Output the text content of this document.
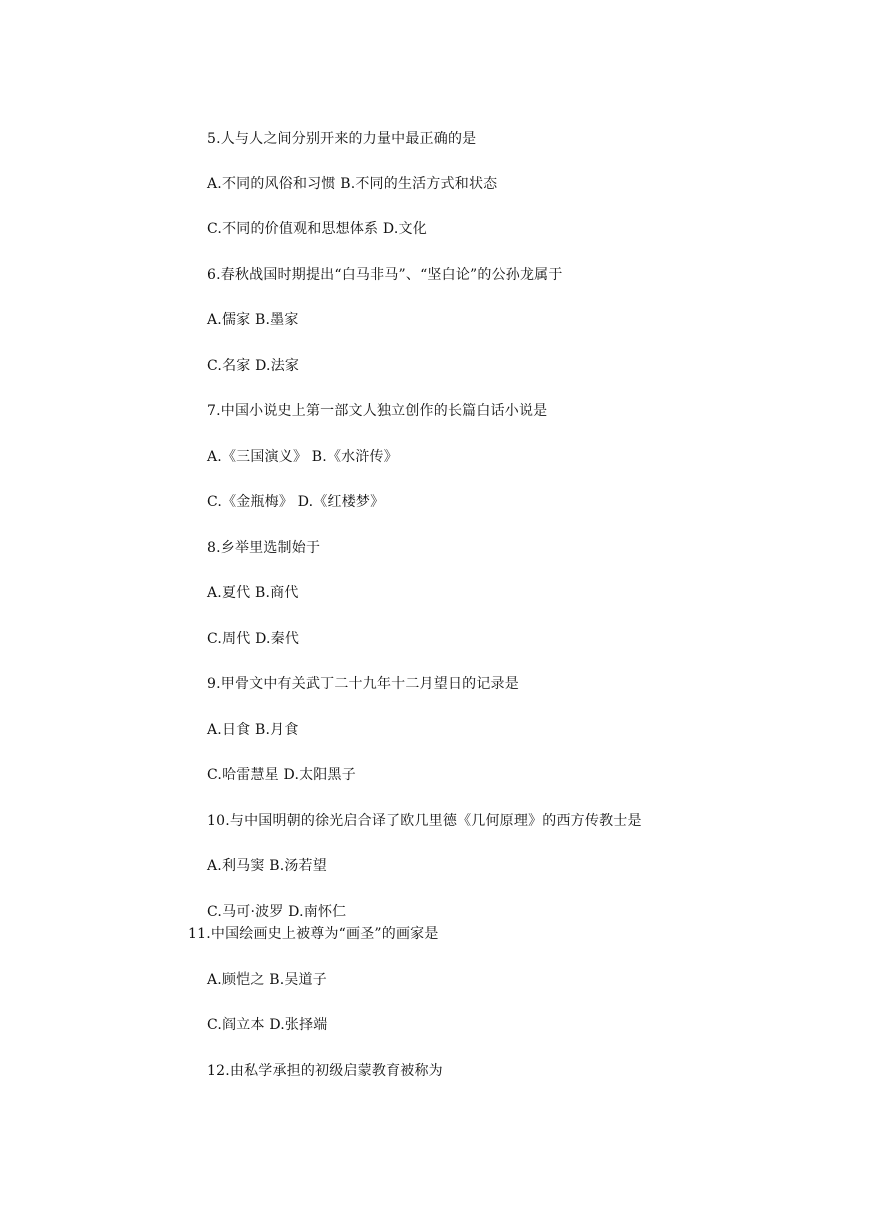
5.人与人之间分别开来的力量中最正确的是
A.不同的风俗和习惯 B.不同的生活方式和状态
C.不同的价值观和思想体系 D.文化
6.春秋战国时期提出“白马非马”、“坚白论”的公孙龙属于
A.儒家 B.墨家
C.名家 D.法家
7.中国小说史上第一部文人独立创作的长篇白话小说是
A.《三国演义》 B.《水浒传》
C.《金瓶梅》 D.《红楼梦》
8.乡举里选制始于
A.夏代 B.商代
C.周代 D.秦代
9.甲骨文中有关武丁二十九年十二月望日的记录是
A.日食 B.月食
C.哈雷慧星 D.太阳黑子
10.与中国明朝的徐光启合译了欧几里德《几何原理》的西方传教士是
A.利马窦 B.汤若望
C.马可·波罗 D.南怀仁
11.中国绘画史上被尊为“画圣”的画家是
A.顾恺之 B.吴道子
C.阎立本 D.张择端
12.由私学承担的初级启蒙教育被称为
